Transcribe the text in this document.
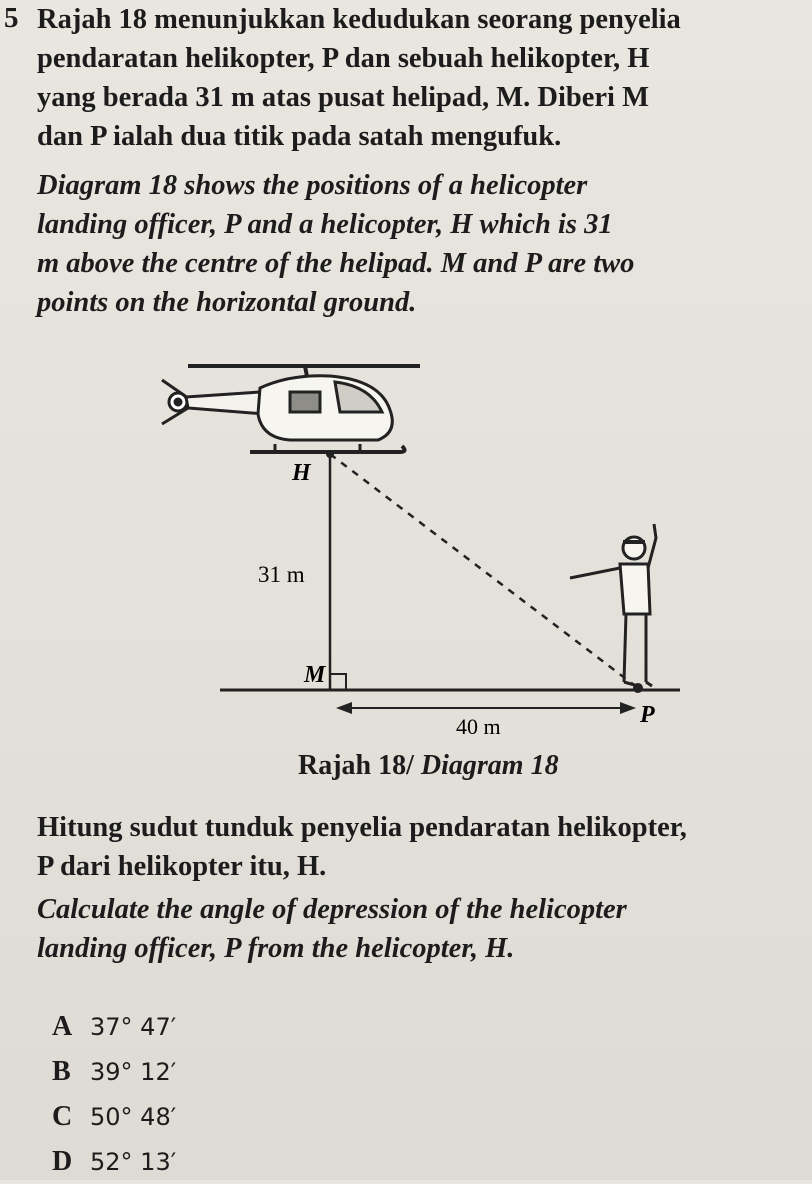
5 Rajah 18 menunjukkan kedudukan seorang penyelia
pendaratan helikopter, P dan sebuah helikopter, H
yang berada 31 m atas pusat helipad, M. Diberi M
dan P ialah dua titik pada satah mengufuk.
Diagram 18 shows the positions of a helicopter
landing officer, P and a helicopter, H which is 31
m above the centre of the helipad. M and P are two
points on the horizontal ground.
H
31 m
M
40 m	P
Rajah 18/ Diagram 18
Hitung sudut tunduk penyelia pendaratan helikopter,
P dari helikopter itu, H.
Calculate the angle of depression of the helicopter
landing officer, P from the helicopter, H.
A 37° 47′
B 39° 12′
C 50° 48′
D 52° 13′
